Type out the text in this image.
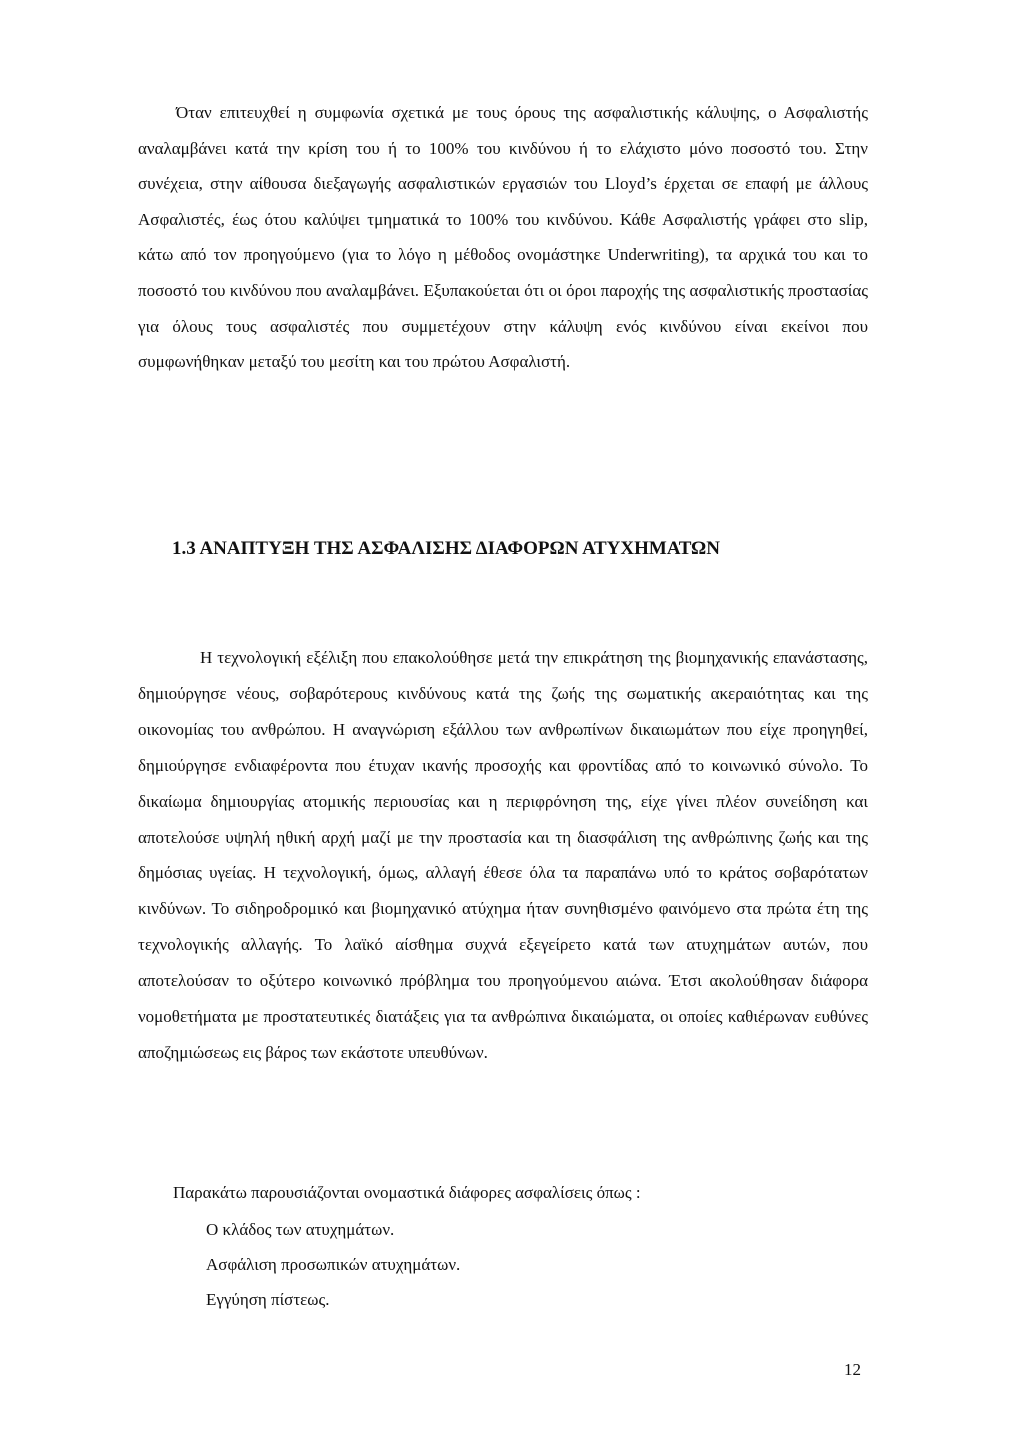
Όταν επιτευχθεί η συμφωνία σχετικά με τους όρους της ασφαλιστικής κάλυψης, ο Ασφαλιστής αναλαμβάνει κατά την κρίση του ή το 100% του κινδύνου ή το ελάχιστο μόνο ποσοστό του. Στην συνέχεια, στην αίθουσα διεξαγωγής ασφαλιστικών εργασιών του Lloyd’s έρχεται σε επαφή με άλλους Ασφαλιστές, έως ότου καλύψει τμηματικά το 100% του κινδύνου. Κάθε Ασφαλιστής γράφει στο slip, κάτω από τον προηγούμενο (για το λόγο η μέθοδος ονομάστηκε Underwriting), τα αρχικά του και το ποσοστό του κινδύνου που αναλαμβάνει. Εξυπακούεται ότι οι όροι παροχής της ασφαλιστικής προστασίας για όλους τους ασφαλιστές που συμμετέχουν στην κάλυψη ενός κινδύνου είναι εκείνοι που συμφωνήθηκαν μεταξύ του μεσίτη και του πρώτου Ασφαλιστή.

1.3 ΑΝΑΠΤΥΞΗ ΤΗΣ ΑΣΦΑΛΙΣΗΣ ΔΙΑΦΟΡΩΝ ΑΤΥΧΗΜΑΤΩΝ

Η τεχνολογική εξέλιξη που επακολούθησε μετά την επικράτηση της βιομηχανικής επανάστασης, δημιούργησε νέους, σοβαρότερους κινδύνους κατά της ζωής της σωματικής ακεραιότητας και της οικονομίας του ανθρώπου. Η αναγνώριση εξάλλου των ανθρωπίνων δικαιωμάτων που είχε προηγηθεί, δημιούργησε ενδιαφέροντα που έτυχαν ικανής προσοχής και φροντίδας από το κοινωνικό σύνολο. Το δικαίωμα δημιουργίας ατομικής περιουσίας και η περιφρόνηση της, είχε γίνει πλέον συνείδηση και αποτελούσε υψηλή ηθική αρχή μαζί με την προστασία και τη διασφάλιση της ανθρώπινης ζωής και της δημόσιας υγείας. Η τεχνολογική, όμως, αλλαγή έθεσε όλα τα παραπάνω υπό το κράτος σοβαρότατων κινδύνων. Το σιδηροδρομικό και βιομηχανικό ατύχημα ήταν συνηθισμένο φαινόμενο στα πρώτα έτη της τεχνολογικής αλλαγής. Το λαϊκό αίσθημα συχνά εξεγείρετο κατά των ατυχημάτων αυτών, που αποτελούσαν το οξύτερο κοινωνικό πρόβλημα του προηγούμενου αιώνα. Έτσι ακολούθησαν διάφορα νομοθετήματα με προστατευτικές διατάξεις για τα ανθρώπινα δικαιώματα, οι οποίες καθιέρωναν ευθύνες αποζημιώσεως εις βάρος των εκάστοτε υπευθύνων.

Παρακάτω παρουσιάζονται ονομαστικά διάφορες ασφαλίσεις όπως :

Ο κλάδος των ατυχημάτων.
Ασφάλιση προσωπικών ατυχημάτων.
Εγγύηση πίστεως.
12
